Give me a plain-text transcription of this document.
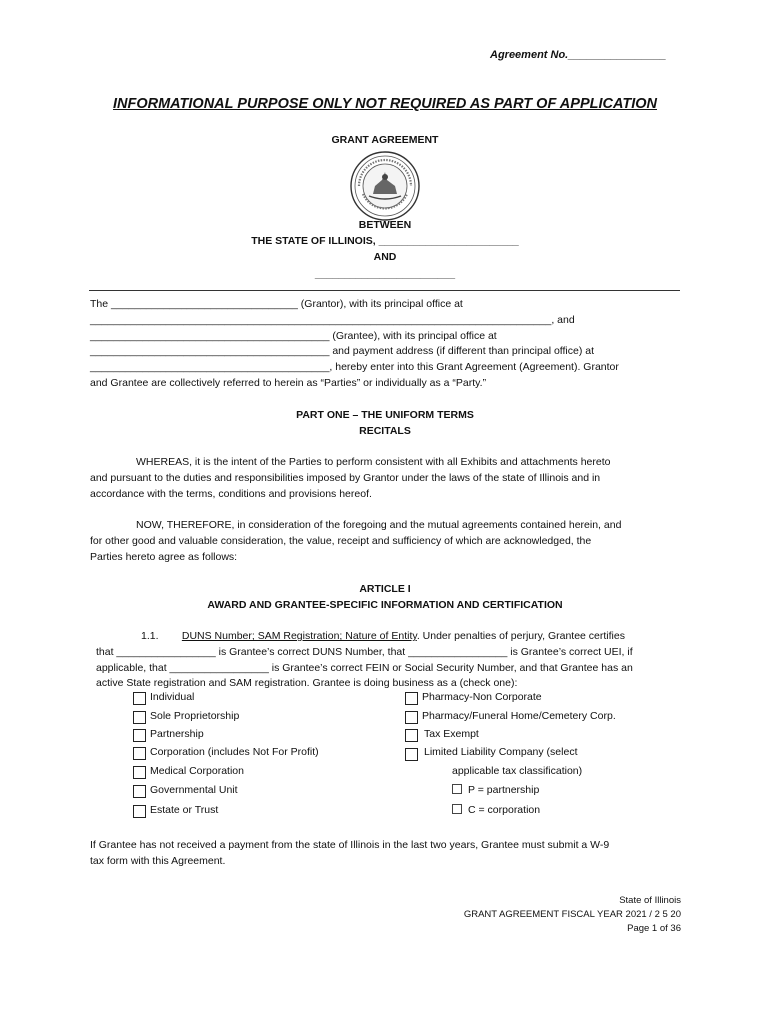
Agreement No.________________
INFORMATIONAL PURPOSE ONLY NOT REQUIRED AS PART OF APPLICATION
GRANT AGREEMENT
BETWEEN
THE STATE OF ILLINOIS, ________________________
AND
________________________
The ________________________________ (Grantor), with its principal office at
_______________________________________________________________________________, and
_________________________________________ (Grantee), with its principal office at
_________________________________________ and payment address (if different than principal office) at
_________________________________________, hereby enter into this Grant Agreement (Agreement). Grantor
and Grantee are collectively referred to herein as “Parties” or individually as a “Party.”
PART ONE – THE UNIFORM TERMS
RECITALS
WHEREAS, it is the intent of the Parties to perform consistent with all Exhibits and attachments hereto
and pursuant to the duties and responsibilities imposed by Grantor under the laws of the state of Illinois and in
accordance with the terms, conditions and provisions hereof.
NOW, THEREFORE, in consideration of the foregoing and the mutual agreements contained herein, and
for other good and valuable consideration, the value, receipt and sufficiency of which are acknowledged, the
Parties hereto agree as follows:
ARTICLE I
AWARD AND GRANTEE-SPECIFIC INFORMATION AND CERTIFICATION
1.1. DUNS Number; SAM Registration; Nature of Entity. Under penalties of perjury, Grantee certifies
that _________________ is Grantee’s correct DUNS Number, that _________________ is Grantee’s correct UEI, if
applicable, that _________________ is Grantee’s correct FEIN or Social Security Number, and that Grantee has an
active State registration and SAM registration. Grantee is doing business as a (check one):
Individual
Sole Proprietorship
Partnership
Corporation (includes Not For Profit)
Medical Corporation
Governmental Unit
Estate or Trust
Pharmacy-Non Corporate
Pharmacy/Funeral Home/Cemetery Corp.
Tax Exempt
Limited Liability Company (select
applicable tax classification)
P = partnership
C = corporation
If Grantee has not received a payment from the state of Illinois in the last two years, Grantee must submit a W-9
tax form with this Agreement.
State of Illinois
GRANT AGREEMENT FISCAL YEAR 2021 / 2 5 20
Page 1 of 36
